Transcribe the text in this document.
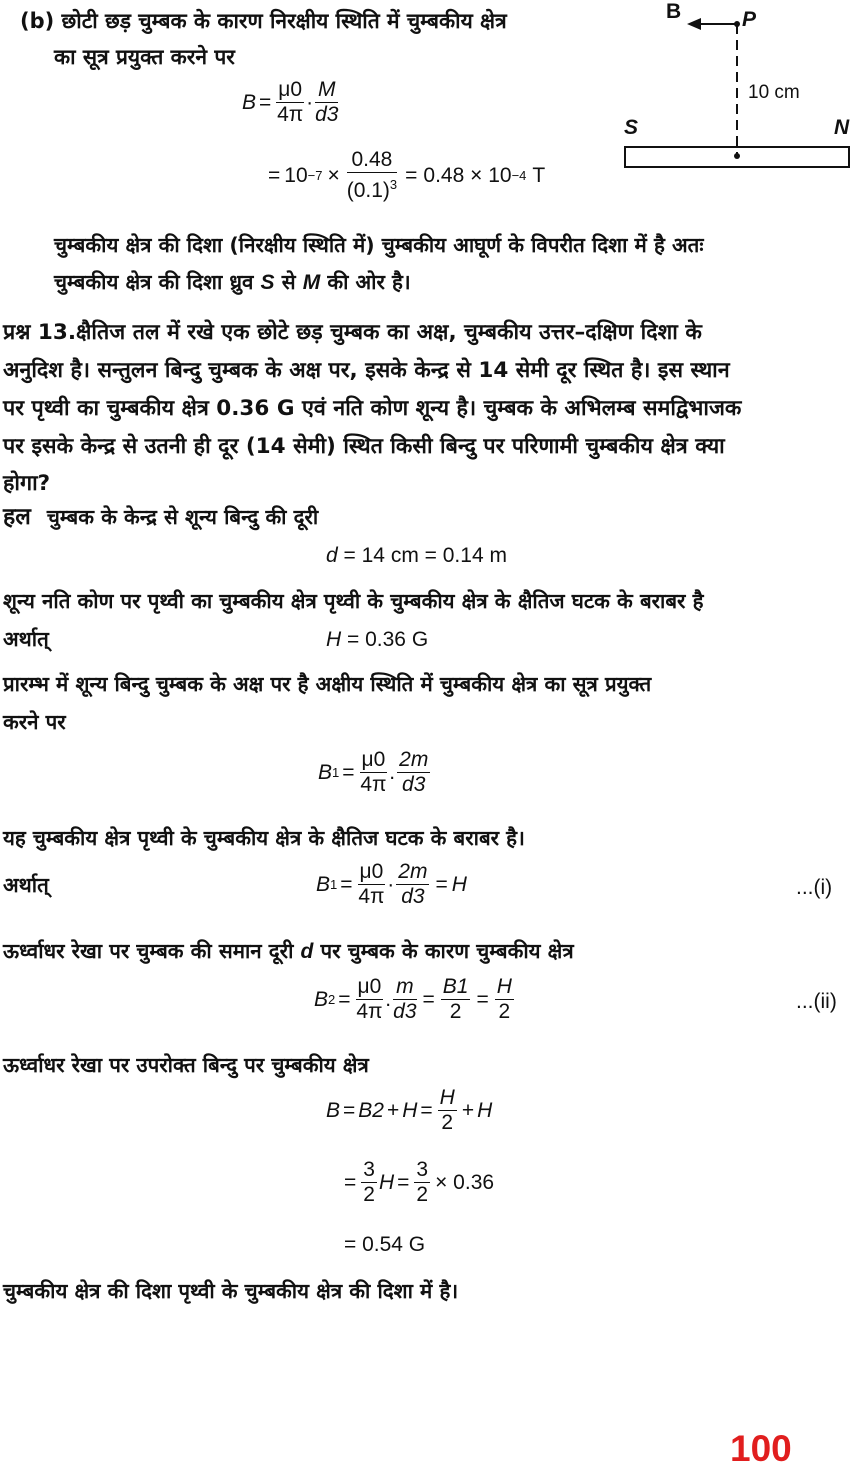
(b) छोटी छड़ चुम्बक के कारण निरक्षीय स्थिति में चुम्बकीय क्षेत्र
का सूत्र प्रयुक्त करने पर
$B = \frac{\mu 0}{4\pi} \cdot \frac{M}{d3}$
= $10 -7 \times \frac{0.48}{(0.1)^3} = 0.48 \times 10 -4$ T
चुम्बकीय क्षेत्र की दिशा (निरक्षीय स्थिति में) चुम्बकीय आघूर्ण के विपरीत दिशा में है अतः
चुम्बकीय क्षेत्र की दिशा ध्रुव S से M की ओर है।
B	P
10 cm
S	N
प्रश्न 13.क्षैतिज तल में रखे एक छोटे छड़ चुम्बक का अक्ष, चुम्बकीय उत्तर–दक्षिण दिशा के
अनुदिश है। सन्तुलन बिन्दु चुम्बक के अक्ष पर, इसके केन्द्र से 14 सेमी दूर स्थित है। इस स्थान
पर पृथ्वी का चुम्बकीय क्षेत्र 0.36 G एवं नति कोण शून्य है। चुम्बक के अभिलम्ब समद्विभाजक
पर इसके केन्द्र से उतनी ही दूर (14 सेमी) स्थित किसी बिन्दु पर परिणामी चुम्बकीय क्षेत्र क्या
होगा?
हल चुम्बक के केन्द्र से शून्य बिन्दु की दूरी
d = 14 cm = 0.14 m
शून्य नति कोण पर पृथ्वी का चुम्बकीय क्षेत्र पृथ्वी के चुम्बकीय क्षेत्र के क्षैतिज घटक के बराबर है
अर्थात्	H = 0.36 G
प्रारम्भ में शून्य बिन्दु चुम्बक के अक्ष पर है अक्षीय स्थिति में चुम्बकीय क्षेत्र का सूत्र प्रयुक्त
करने पर
B $1 = \frac{\mu 0}{4\pi}$ . $\frac{2m}{d3}$
यह चुम्बकीय क्षेत्र पृथ्वी के चुम्बकीय क्षेत्र के क्षैतिज घटक के बराबर है।
अर्थात्	B $1 = \frac{\mu 0}{4\pi} \cdot \frac{2m}{d3} = H$	...(i)
ऊर्ध्वाधर रेखा पर चुम्बक की समान दूरी d पर चुम्बक के कारण चुम्बकीय क्षेत्र
B $2 = \frac{\mu 0}{4\pi}$ . $\frac{m}{d3} = \frac{B1}{2} = \frac{H}{2}$	...(ii)
ऊर्ध्वाधर रेखा पर उपरोक्त बिन्दु पर चुम्बकीय क्षेत्र
$B = B2 + H = \frac{H}{2} + H$
= $\frac{3}{2}$ $H = \frac{3}{2} \times 0.36$
= 0.54 G
चुम्बकीय क्षेत्र की दिशा पृथ्वी के चुम्बकीय क्षेत्र की दिशा में है।
100
